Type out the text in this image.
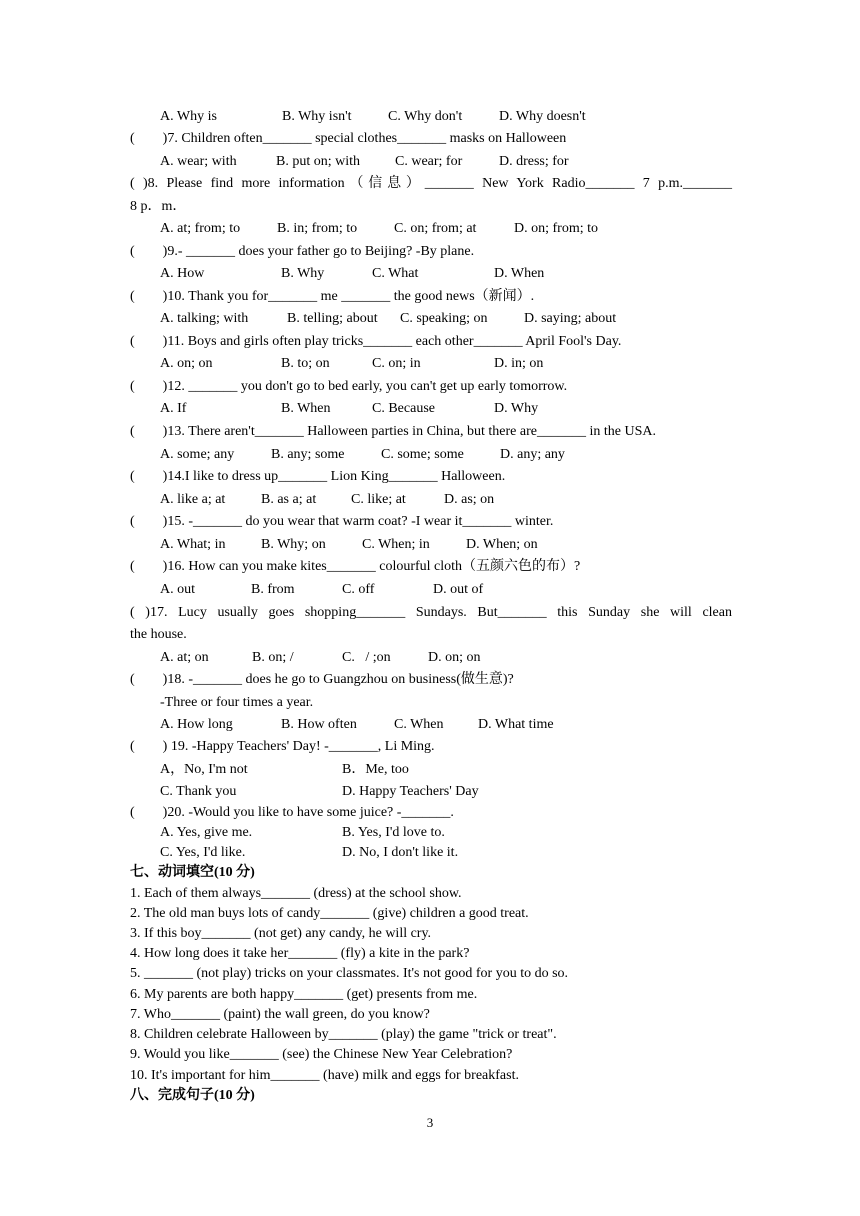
A. Why is	B. Why isn't	C. Why don't	D. Why doesn't
(        )7. Children often_______ special clothes_______ masks on Halloween
A. wear; with	B. put on; with C. wear; for	D. dress; for
( )8. Please find more information（信息）_______ New York Radio_______ 7 p.m._______
8 p．m．
A. at; from; to	B. in; from; to	C. on; from; at	D. on; from; to
(        )9.- _______ does your father go to Beijing? -By plane.
A. How	B. Why	C. What	D. When
(        )10. Thank you for_______ me _______ the good news（新闻）.
A. talking; with	B. telling; about C. speaking; on	D. saying; about
(        )11. Boys and girls often play tricks_______ each other_______ April Fool's Day.
A. on; on	B. to; on	C. on; in	D. in; on
(        )12. _______ you don't go to bed early, you can't get up early tomorrow.
A. If	B. When	C. Because	D. Why
(        )13. There aren't_______ Halloween parties in China, but there are_______ in the USA.
A. some; any	B. any; some	C. some; some	D. any; any
(        )14.I like to dress up_______ Lion King_______ Halloween.
A. like a; at	B. as a; at C. like; at	D. as; on
(        )15. -_______ do you wear that warm coat? -I wear it_______ winter.
A. What; in	B. Why; on	C. When; in	D. When; on
(        )16. How can you make kites_______ colourful cloth（五颜六色的布）?
A. out	B. from	C. off	D. out of
( )17. Lucy usually goes shopping_______ Sundays. But_______ this Sunday she will clean
the house.
A. at; on	B. on; /	C.   / ;on	D. on; on
(        )18. -_______ does he go to Guangzhou on business(做生意)?
-Three or four times a year.
A. How long	B. How often	C. When D. What time
(        ) 19. -Happy Teachers' Day! -_______, Li Ming.
A，No, I'm not	B．Me, too
C. Thank you	D. Happy Teachers' Day
(        )20. -Would you like to have some juice? -_______.
A. Yes, give me.	B. Yes, I'd love to.
C. Yes, I'd like.	D. No, I don't like it.
七、动词填空(10 分)
1. Each of them always_______ (dress) at the school show.
2. The old man buys lots of candy_______ (give) children a good treat.
3. If this boy_______ (not get) any candy, he will cry.
4. How long does it take her_______ (fly) a kite in the park?
5. _______ (not play) tricks on your classmates. It's not good for you to do so.
6. My parents are both happy_______ (get) presents from me.
7. Who_______ (paint) the wall green, do you know?
8. Children celebrate Halloween by_______ (play) the game "trick or treat".
9. Would you like_______ (see) the Chinese New Year Celebration?
10. It's important for him_______ (have) milk and eggs for breakfast.
八、完成句子(10 分)
3
